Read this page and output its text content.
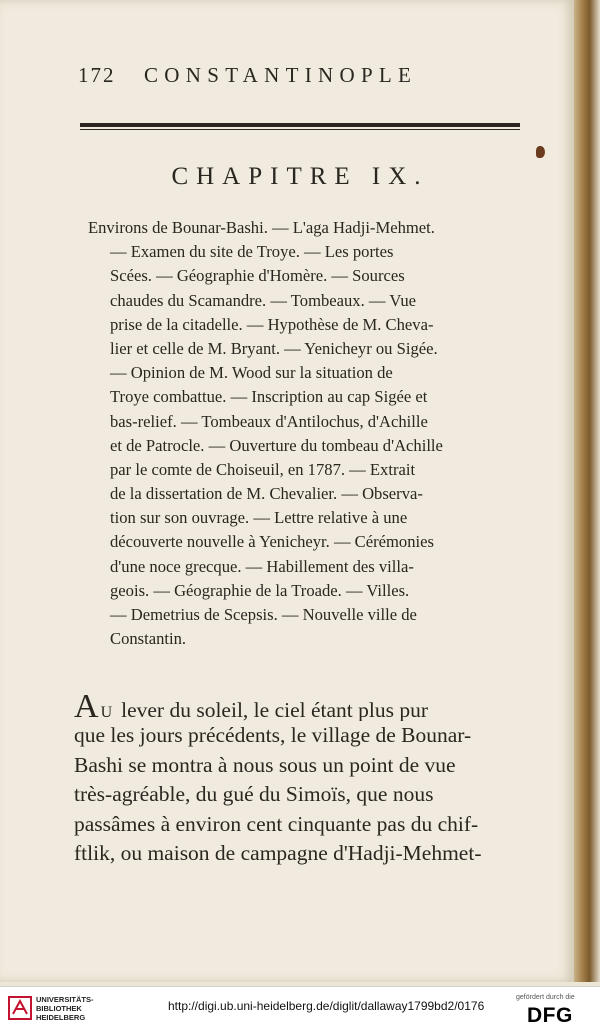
172 CONSTANTINOPLE
CHAPITRE IX.
Environs de Bounar-Bashi. — L'aga Hadji-Mehmet.
— Examen du site de Troye. — Les portes
Scées. — Géographie d'Homère. — Sources
chaudes du Scamandre. — Tombeaux. — Vue
prise de la citadelle. — Hypothèse de M. Cheva-
lier et celle de M. Bryant. — Yenicheyr ou Sigée.
— Opinion de M. Wood sur la situation de
Troye combattue. — Inscription au cap Sigée et
bas-relief. — Tombeaux d'Antilochus, d'Achille
et de Patrocle. — Ouverture du tombeau d'Achille
par le comte de Choiseuil, en 1787. — Extrait
de la dissertation de M. Chevalier. — Observa-
tion sur son ouvrage. — Lettre relative à une
découverte nouvelle à Yenicheyr. — Cérémonies
d'une noce grecque. — Habillement des villa-
geois. — Géographie de la Troade. — Villes.
— Demetrius de Scepsis. — Nouvelle ville de
Constantin.
AU lever du soleil, le ciel étant plus pur
que les jours précédents, le village de Bounar-
Bashi se montra à nous sous un point de vue
très-agréable, du gué du Simoïs, que nous
passâmes à environ cent cinquante pas du chif-
ftlik, ou maison de campagne d'Hadji-Mehmet-
UNIVERSITÄTS-
BIBLIOTHEK
HEIDELBERG
http://digi.ub.uni-heidelberg.de/diglit/dallaway1799bd2/0176
gefördert durch die
DFG
